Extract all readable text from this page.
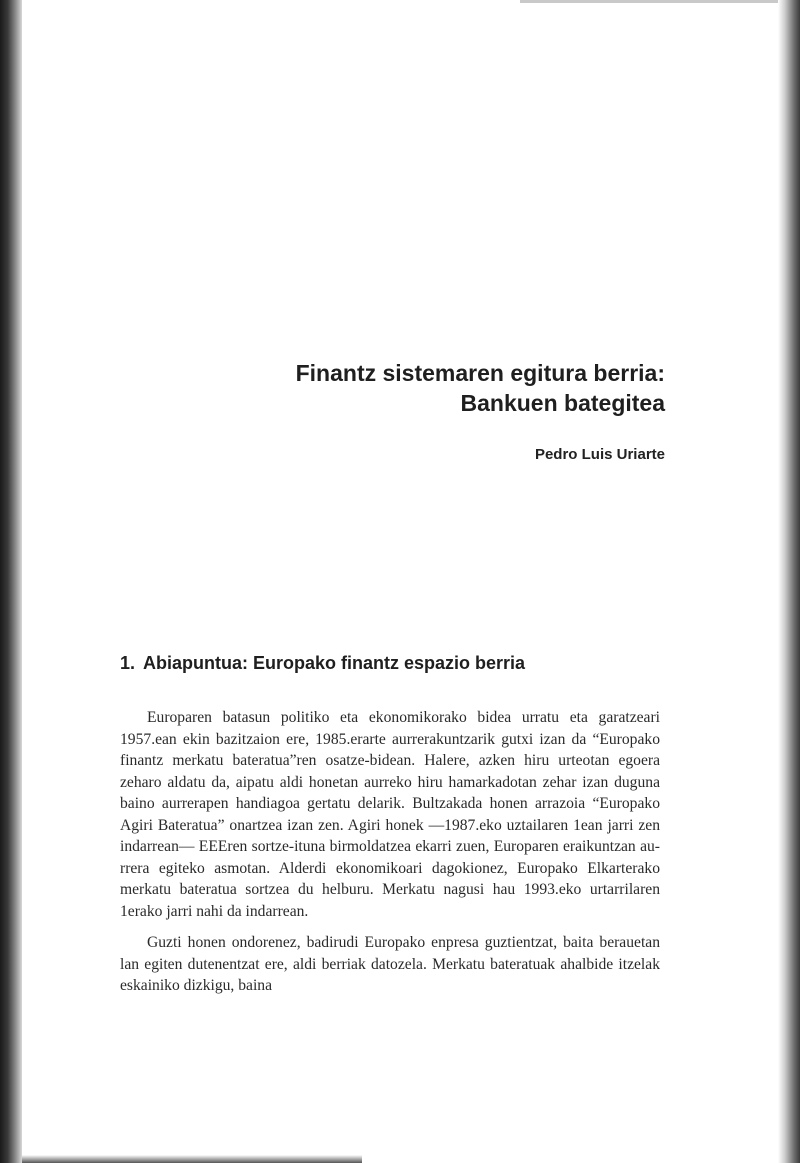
Finantz sistemaren egitura berria:
Bankuen bategitea
Pedro Luis Uriarte
1. Abiapuntua: Europako finantz espazio berria

Europaren batasun politiko eta ekonomikorako bidea urratu eta garatzeari 1957.ean ekin bazitzaion ere, 1985.erarte aurrerakuntzarik gutxi izan da “Europako finantz merkatu bateratua”ren osatze-bidean. Halere, azken hiru urteotan egoera zeharo aldatu da, aipatu aldi honetan aurreko hiru hamarkadotan zehar izan duguna baino aurrerapen handiagoa gertatu delarik. Bultzakada honen arrazoia “Europako Agiri Bateratua” onartzea izan zen. Agiri honek —1987.eko uztailaren 1ean jarri zen indarrean— EEEren sortze-ituna birmoldatzea ekarri zuen, Europaren eraikuntzan aurrera egiteko asmotan. Alderdi ekonomikoari dagokionez, Europako Elkarterako merkatu bateratua sortzea du helburu. Merkatu nagusi hau 1993.eko urtarrilaren 1erako jarri nahi da indarrean.

Guzti honen ondorenez, badirudi Europako enpresa guztientzat, baita berauetan lan egiten dutenentzat ere, aldi berriak datozela. Merkatu bateratuak ahalbide itzelak eskainiko dizkigu, baina
